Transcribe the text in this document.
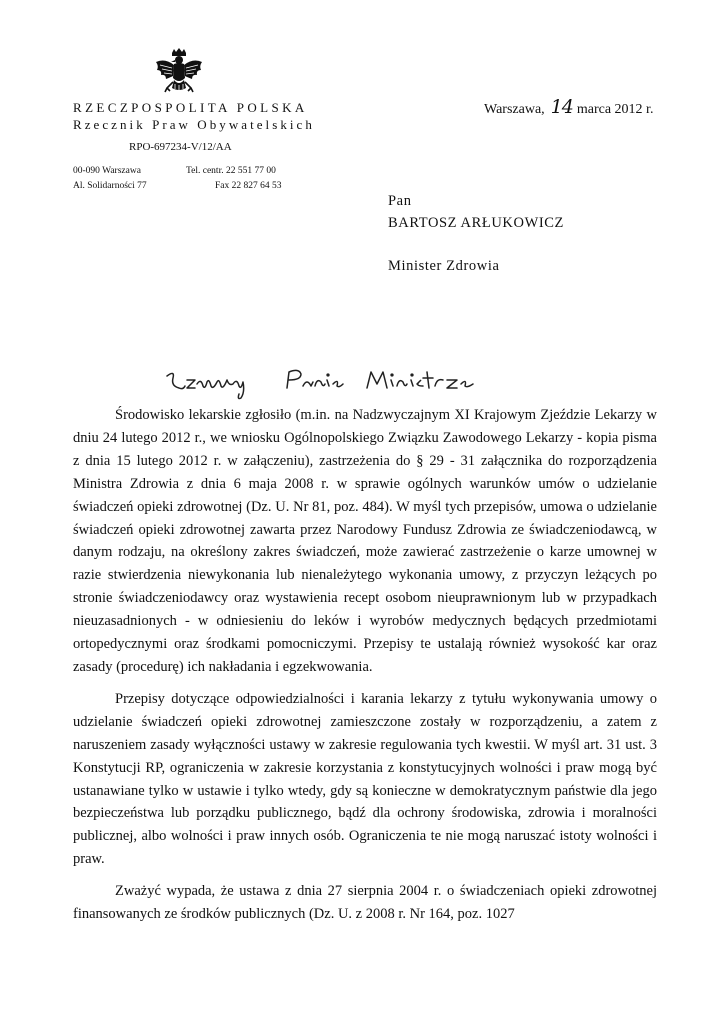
RZECZPOSPOLITA POLSKA
Rzecznik Praw Obywatelskich
RPO-697234-V/12/AA
00-090 Warszawa
Al. Solidarności 77
Tel. centr. 22 551 77 00
Fax 22 827 64 53
Warszawa, 14 marca 2012 r.
Pan
BARTOSZ ARŁUKOWICZ
Minister Zdrowia

Środowisko lekarskie zgłosiło (m.in. na Nadzwyczajnym XI Krajowym Zjeździe Lekarzy w dniu 24 lutego 2012 r., we wniosku Ogólnopolskiego Związku Zawodowego Lekarzy - kopia pisma z dnia 15 lutego 2012 r. w załączeniu), zastrzeżenia do § 29 - 31 załącznika do rozporządzenia Ministra Zdrowia z dnia 6 maja 2008 r. w sprawie ogólnych warunków umów o udzielanie świadczeń opieki zdrowotnej (Dz. U. Nr 81, poz. 484). W myśl tych przepisów, umowa o udzielanie świadczeń opieki zdrowotnej zawarta przez Narodowy Fundusz Zdrowia ze świadczeniodawcą, w danym rodzaju, na określony zakres świadczeń, może zawierać zastrzeżenie o karze umownej w razie stwierdzenia niewykonania lub nienależytego wykonania umowy, z przyczyn leżących po stronie świadczeniodawcy oraz wystawienia recept osobom nieuprawnionym lub w przypadkach nieuzasadnionych - w odniesieniu do leków i wyrobów medycznych będących przedmiotami ortopedycznymi oraz środkami pomocniczymi. Przepisy te ustalają również wysokość kar oraz zasady (procedurę) ich nakładania i egzekwowania.

Przepisy dotyczące odpowiedzialności i karania lekarzy z tytułu wykonywania umowy o udzielanie świadczeń opieki zdrowotnej zamieszczone zostały w rozporządzeniu, a zatem z naruszeniem zasady wyłączności ustawy w zakresie regulowania tych kwestii. W myśl art. 31 ust. 3 Konstytucji RP, ograniczenia w zakresie korzystania z konstytucyjnych wolności i praw mogą być ustanawiane tylko w ustawie i tylko wtedy, gdy są konieczne w demokratycznym państwie dla jego bezpieczeństwa lub porządku publicznego, bądź dla ochrony środowiska, zdrowia i moralności publicznej, albo wolności i praw innych osób. Ograniczenia te nie mogą naruszać istoty wolności i praw.

Zważyć wypada, że ustawa z dnia 27 sierpnia 2004 r. o świadczeniach opieki zdrowotnej finansowanych ze środków publicznych (Dz. U. z 2008 r. Nr 164, poz. 1027
